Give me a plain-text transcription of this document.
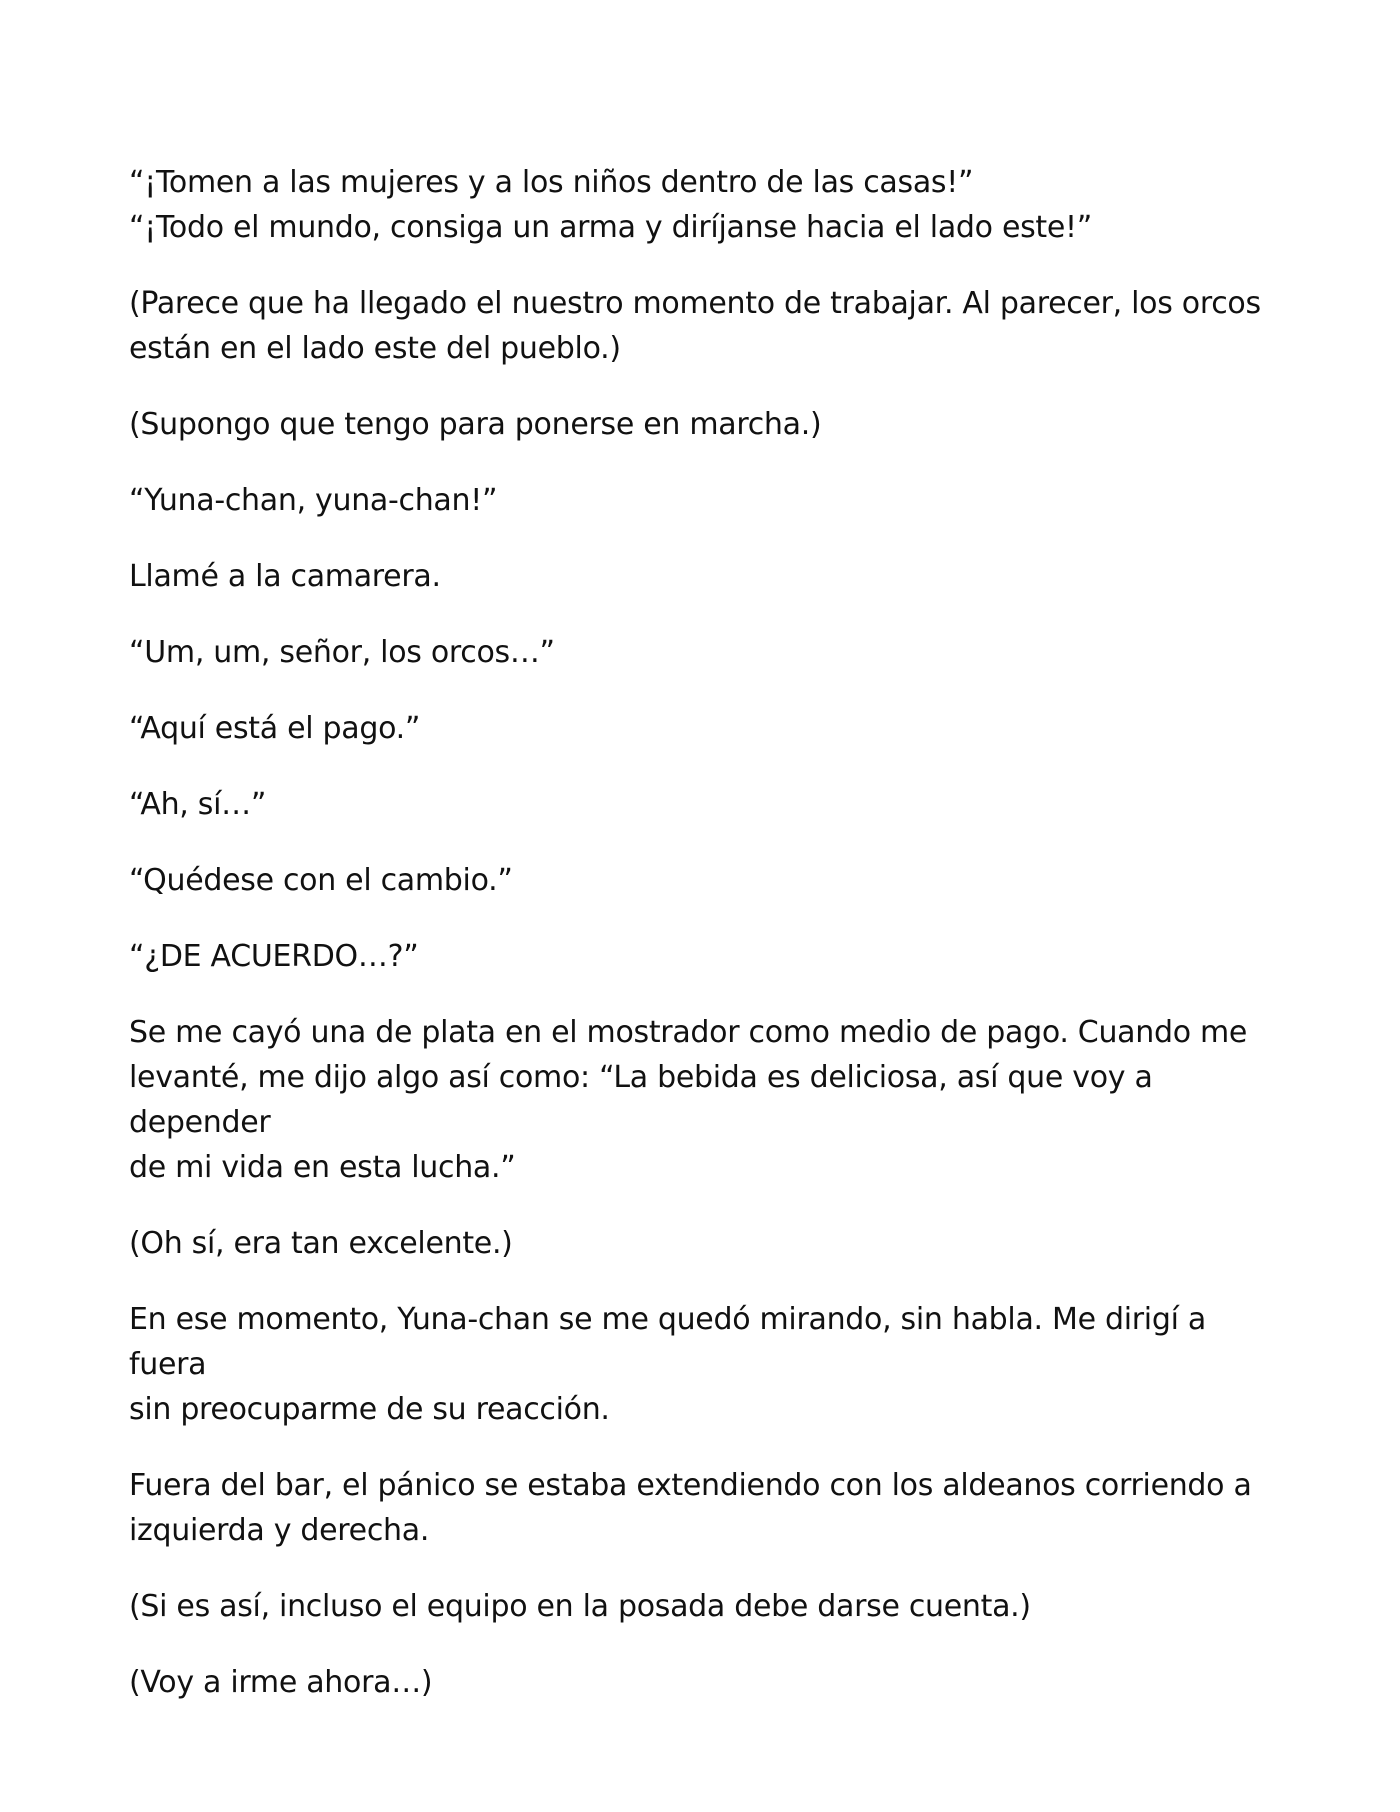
“¡Tomen a las mujeres y a los niños dentro de las casas!”
“¡Todo el mundo, consiga un arma y diríjanse hacia el lado este!”

(Parece que ha llegado el nuestro momento de trabajar. Al parecer, los orcos
están en el lado este del pueblo.)

(Supongo que tengo para ponerse en marcha.)

“Yuna-chan, yuna-chan!”

Llamé a la camarera.

“Um, um, señor, los orcos…”

“Aquí está el pago.”

“Ah, sí…”

“Quédese con el cambio.”

“¿DE ACUERDO…?”

Se me cayó una de plata en el mostrador como medio de pago. Cuando me
levanté, me dijo algo así como: “La bebida es deliciosa, así que voy a depender
de mi vida en esta lucha.”

(Oh sí, era tan excelente.)

En ese momento, Yuna-chan se me quedó mirando, sin habla. Me dirigí a fuera
sin preocuparme de su reacción.

Fuera del bar, el pánico se estaba extendiendo con los aldeanos corriendo a
izquierda y derecha.

(Si es así, incluso el equipo en la posada debe darse cuenta.)

(Voy a irme ahora…)
